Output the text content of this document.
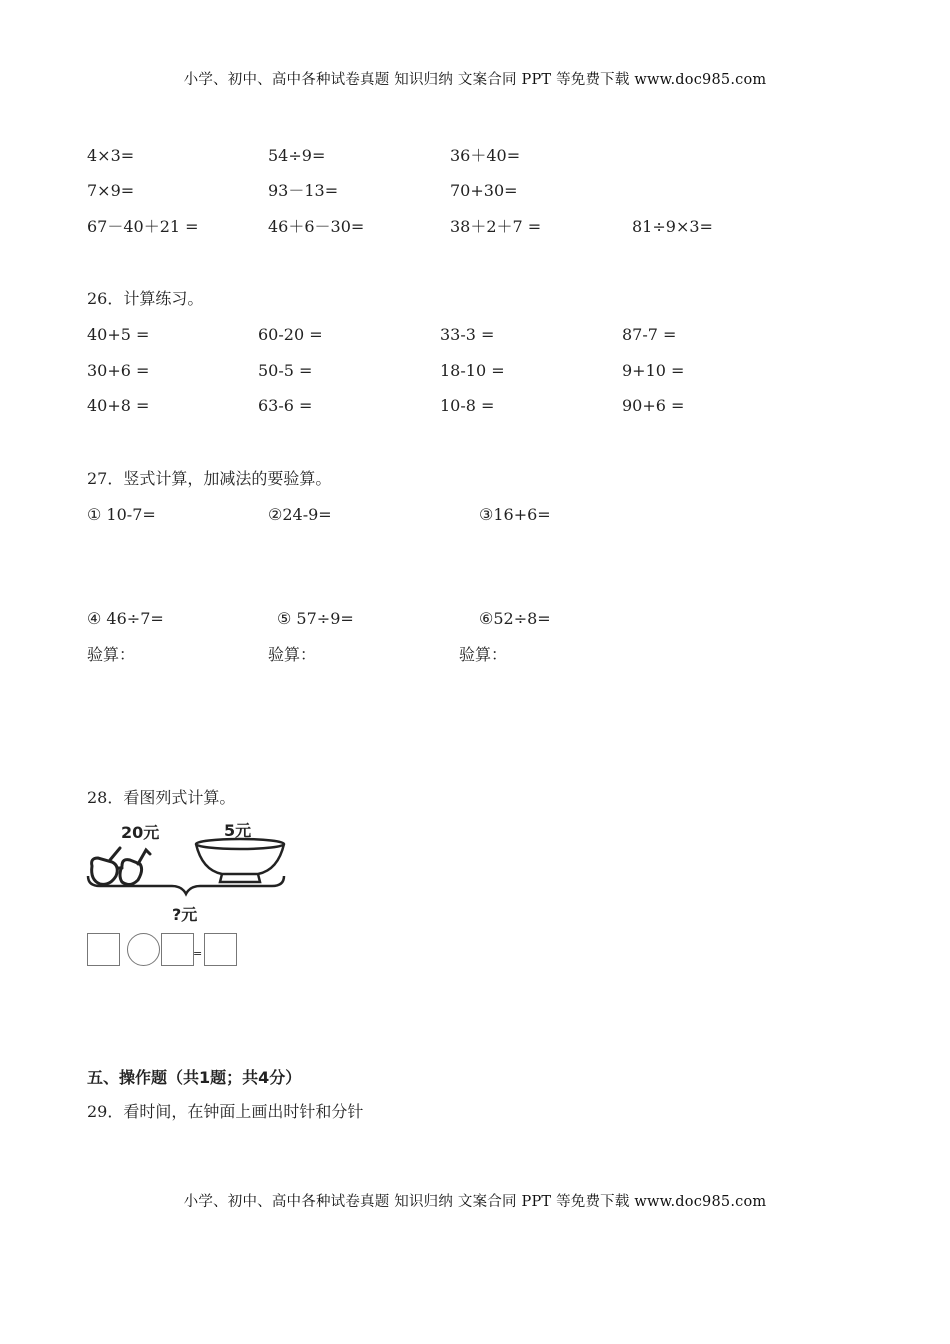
小学、初中、高中各种试卷真题 知识归纳 文案合同 PPT 等免费下载 www.doc985.com
4×3=	54÷9=	36＋40=
7×9=	93－13=	70+30=
67－40＋21 =	46＋6－30=	38＋2＋7 =	81÷9×3=
26．计算练习。
40+5 =	60-20 =	33-3 =	87-7 =
30+6 =	50-5 =	18-10 =	9+10 =
40+8 =	63-6 =	10-8 =	90+6 =
27．竖式计算，加减法的要验算。
① 10-7=	②24-9=	③16+6=
④ 46÷7=	⑤ 57÷9=	⑥52÷8=
验算：	验算：	验算：
28．看图列式计算。
20元	5元
?元
=
五、操作题（共1题；共4分）
29．看时间，在钟面上画出时针和分针
小学、初中、高中各种试卷真题 知识归纳 文案合同 PPT 等免费下载 www.doc985.com
